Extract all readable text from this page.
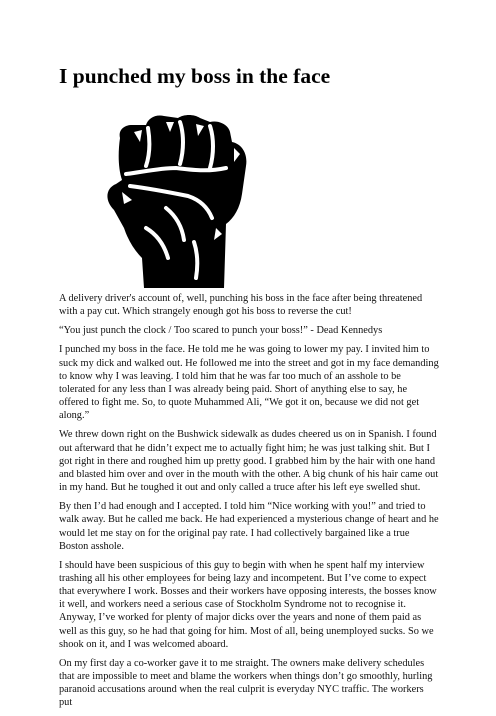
I punched my boss in the face

A delivery driver's account of, well, punching his boss in the face after being threatened with a pay cut. Which strangely enough got his boss to reverse the cut!

“You just punch the clock / Too scared to punch your boss!” - Dead Kennedys

I punched my boss in the face. He told me he was going to lower my pay. I invited him to suck my dick and walked out. He followed me into the street and got in my face demanding to know why I was leaving. I told him that he was far too much of an asshole to be tolerated for any less than I was already being paid. Short of anything else to say, he offered to fight me. So, to quote Muhammed Ali, “We got it on, because we did not get along.”

We threw down right on the Bushwick sidewalk as dudes cheered us on in Spanish. I found out afterward that he didn’t expect me to actually fight him; he was just talking shit. But I got right in there and roughed him up pretty good. I grabbed him by the hair with one hand and blasted him over and over in the mouth with the other. A big chunk of his hair came out in my hand. But he toughed it out and only called a truce after his left eye swelled shut.

By then I’d had enough and I accepted. I told him “Nice working with you!” and tried to walk away. But he called me back. He had experienced a mysterious change of heart and he would let me stay on for the original pay rate. I had collectively bargained like a true Boston asshole.

I should have been suspicious of this guy to begin with when he spent half my interview trashing all his other employees for being lazy and incompetent. But I’ve come to expect that everywhere I work. Bosses and their workers have opposing interests, the bosses know it well, and workers need a serious case of Stockholm Syndrome not to recognise it. Anyway, I’ve worked for plenty of major dicks over the years and none of them paid as well as this guy, so he had that going for him. Most of all, being unemployed sucks. So we shook on it, and I was welcomed aboard.

On my first day a co-worker gave it to me straight. The owners make delivery schedules that are impossible to meet and blame the workers when things don’t go smoothly, hurling paranoid accusations around when the real culprit is everyday NYC traffic. The workers put
